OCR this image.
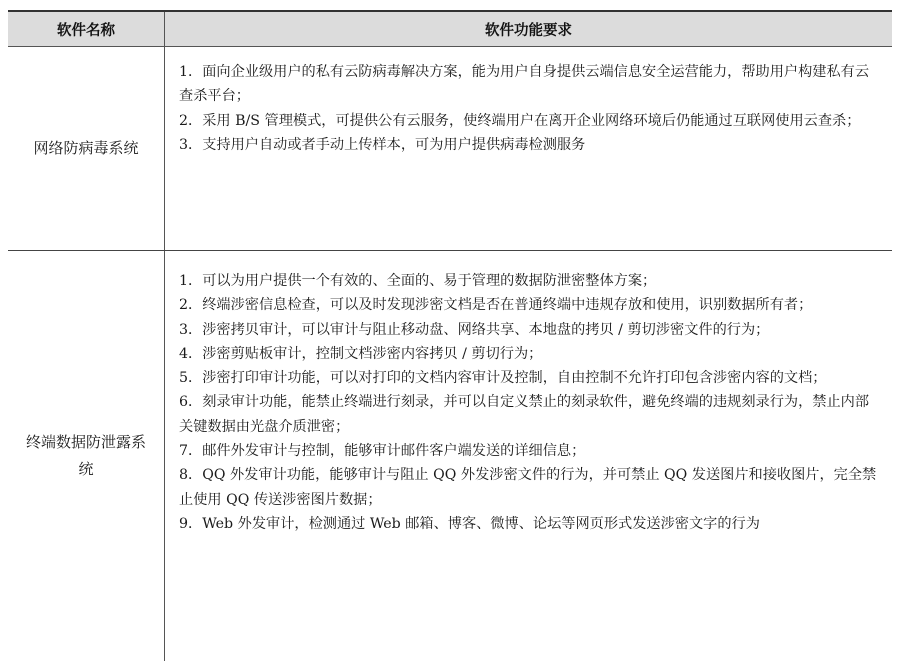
软件名称	软件功能要求
网络防病毒系统
1．面向企业级用户的私有云防病毒解决方案，能为用户自身提供云端信息安全运营能力，帮助用户构建私有云查杀平台；
2．采用 B/S 管理模式，可提供公有云服务，使终端用户在离开企业网络环境后仍能通过互联网使用云查杀；
3．支持用户自动或者手动上传样本，可为用户提供病毒检测服务
终端数据防泄露系统
1．可以为用户提供一个有效的、全面的、易于管理的数据防泄密整体方案；
2．终端涉密信息检查，可以及时发现涉密文档是否在普通终端中违规存放和使用，识别数据所有者；
3．涉密拷贝审计，可以审计与阻止移动盘、网络共享、本地盘的拷贝 / 剪切涉密文件的行为；
4．涉密剪贴板审计，控制文档涉密内容拷贝 / 剪切行为；
5．涉密打印审计功能，可以对打印的文档内容审计及控制，自由控制不允许打印包含涉密内容的文档；
6．刻录审计功能，能禁止终端进行刻录，并可以自定义禁止的刻录软件，避免终端的违规刻录行为，禁止内部关键数据由光盘介质泄密；
7．邮件外发审计与控制，能够审计邮件客户端发送的详细信息；
8．QQ 外发审计功能，能够审计与阻止 QQ 外发涉密文件的行为，并可禁止 QQ 发送图片和接收图片，完全禁止使用 QQ 传送涉密图片数据；
9．Web 外发审计，检测通过 Web 邮箱、博客、微博、论坛等网页形式发送涉密文字的行为
